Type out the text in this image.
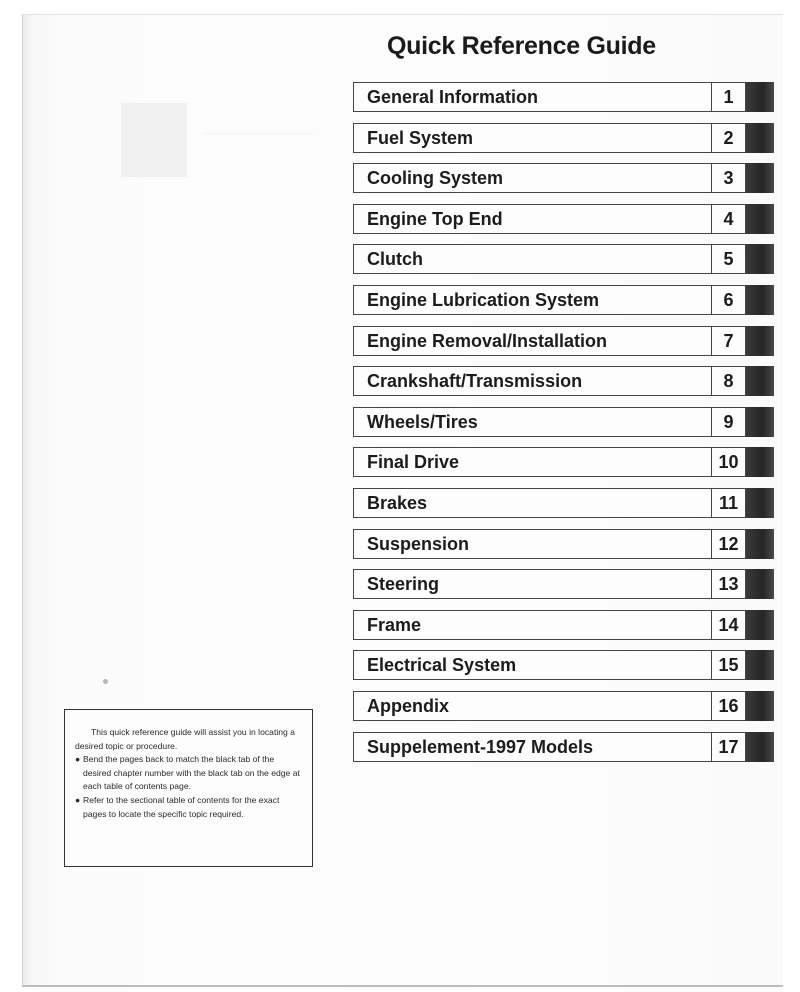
Quick Reference Guide
General Information	1
Fuel System	2
Cooling System	3
Engine Top End	4
Clutch	5
Engine Lubrication System	6
Engine Removal/Installation	7
Crankshaft/Transmission	8
Wheels/Tires	9
Final Drive	10
Brakes	11
Suspension	12
Steering	13
Frame	14
Electrical System	15
Appendix	16
Suppelement-1997 Models	17

This quick reference guide will assist you in locating a desired topic or procedure.

● Bend the pages back to match the black tab of the desired chapter number with the black tab on the edge at each table of contents page.

● Refer to the sectional table of contents for the exact pages to locate the specific topic required.
